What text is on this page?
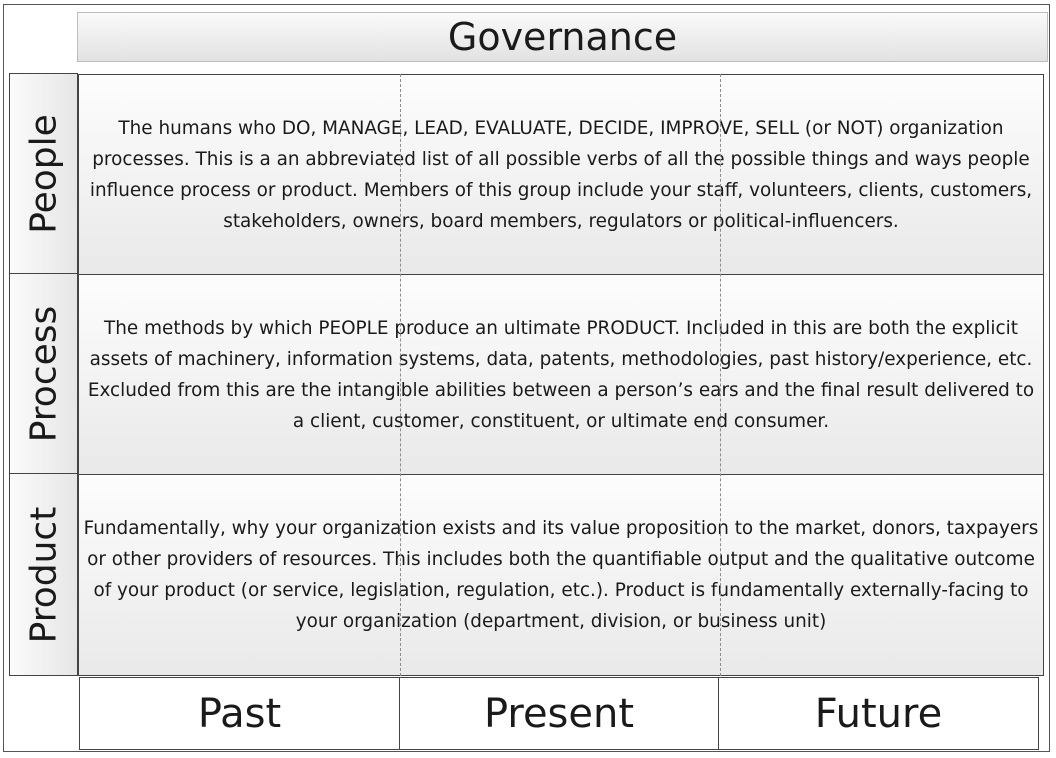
Governance
People
Process
Product

The humans who DO, MANAGE, LEAD, EVALUATE, DECIDE, IMPROVE, SELL (or NOT) organization processes. This is a an abbreviated list of all possible verbs of all the possible things and ways people influence process or product. Members of this group include your staff, volunteers, clients, customers, stakeholders, owners, board members, regulators or political-influencers.

The methods by which PEOPLE produce an ultimate PRODUCT. Included in this are both the explicit assets of machinery, information systems, data, patents, methodologies, past history/experience, etc. Excluded from this are the intangible abilities between a person’s ears and the final result delivered to a client, customer, constituent, or ultimate end consumer.

Fundamentally, why your organization exists and its value proposition to the market, donors, taxpayers or other providers of resources. This includes both the quantifiable output and the qualitative outcome of your product (or service, legislation, regulation, etc.). Product is fundamentally externally-facing to your organization (department, division, or business unit)

Past	Present	Future
